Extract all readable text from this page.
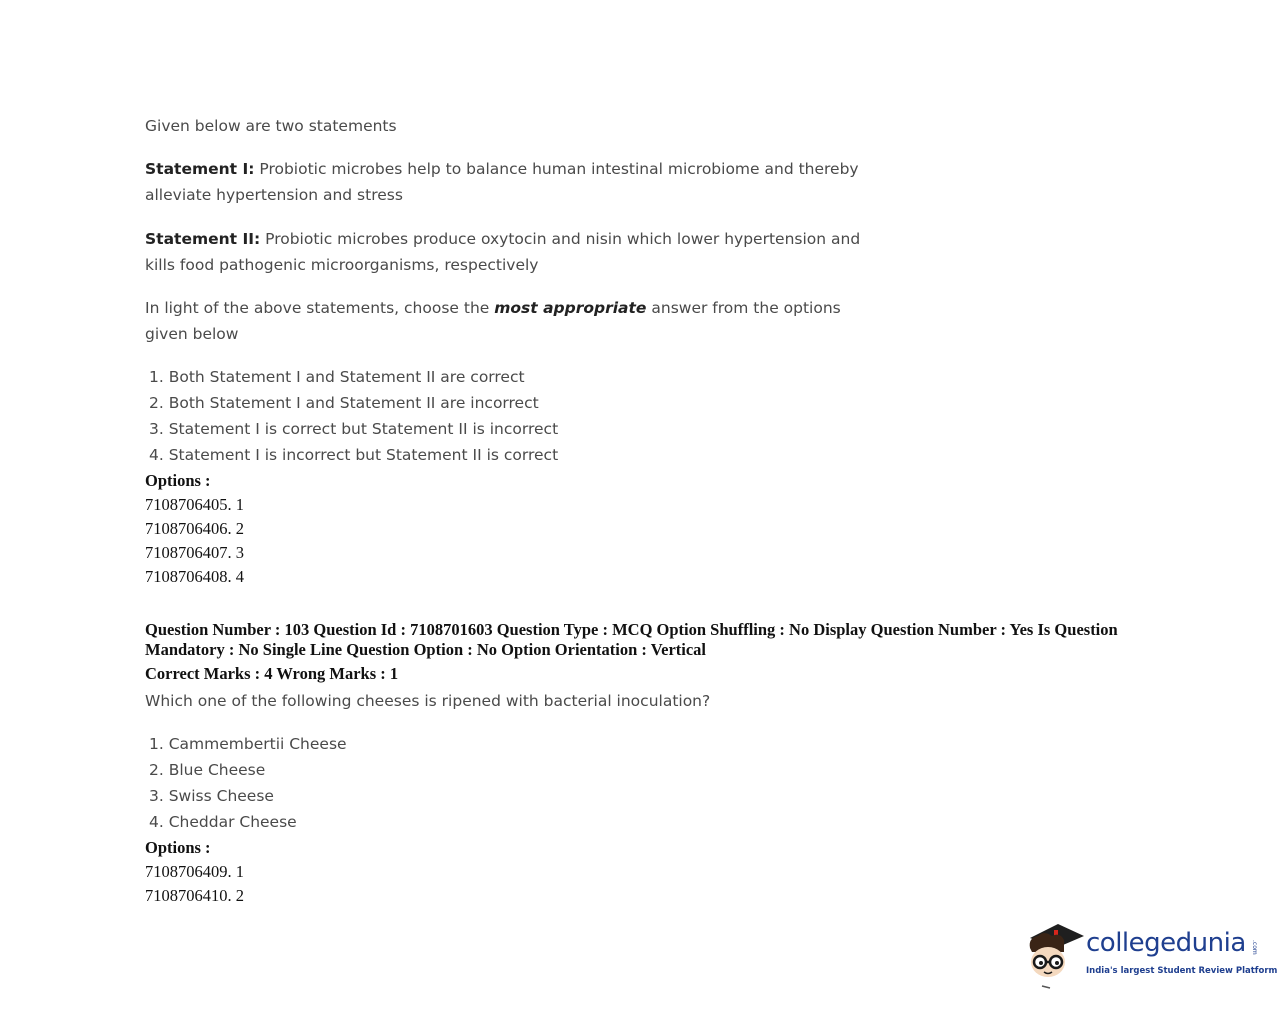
Given below are two statements
Statement I: Probiotic microbes help to balance human intestinal microbiome and thereby alleviate hypertension and stress
Statement II: Probiotic microbes produce oxytocin and nisin which lower hypertension and kills food pathogenic microorganisms, respectively
In light of the above statements, choose the most appropriate answer from the options given below
1. Both Statement I and Statement II are correct
2. Both Statement I and Statement II are incorrect
3. Statement I is correct but Statement II is incorrect
4. Statement I is incorrect but Statement II is correct
Options :
7108706405. 1
7108706406. 2
7108706407. 3
7108706408. 4
Question Number : 103 Question Id : 7108701603 Question Type : MCQ Option Shuffling : No Display Question Number : Yes Is Question Mandatory : No Single Line Question Option : No Option Orientation : Vertical
Correct Marks : 4 Wrong Marks : 1
Which one of the following cheeses is ripened with bacterial inoculation?
1. Cammembertii Cheese
2. Blue Cheese
3. Swiss Cheese
4. Cheddar Cheese
Options :
7108706409. 1
7108706410. 2
collegedunia .com
India's largest Student Review Platform
